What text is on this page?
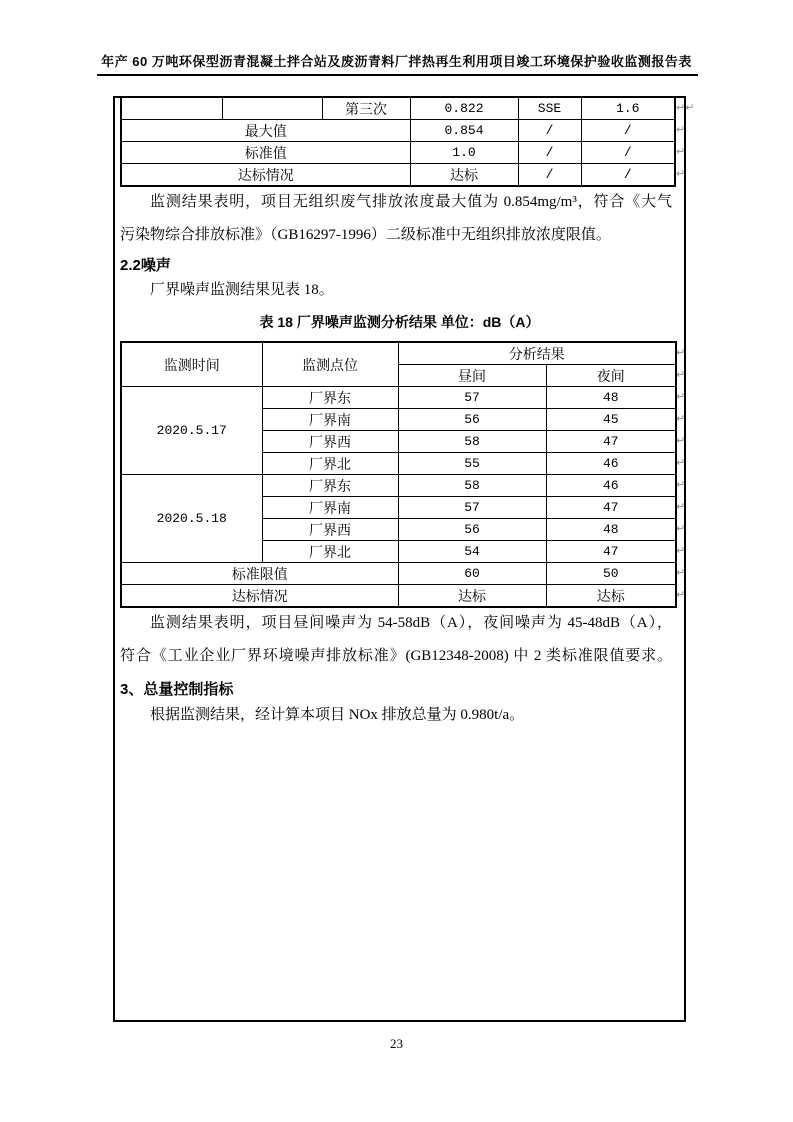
年产 60 万吨环保型沥青混凝土拌合站及废沥青料厂拌热再生利用项目竣工环境保护验收监测报告表
		第三次	0.822	SSE	1.6
最大值			0.854	/	/
标准值			1.0	/	/
达标情况			达标	/	/
↵↵
↵
↵
↵
监测结果表明，项目无组织废气排放浓度最大值为 0.854mg/m³，符合《大气
污染物综合排放标准》（GB16297-1996）二级标准中无组织排放浓度限值。
2.2噪声
厂界噪声监测结果见表 18。
表 18 厂界噪声监测分析结果 单位：dB（A）
监测时间	监测点位	分析结果	
		昼间	夜间
2020.5.17	厂界东	57	48
	厂界南	56	45
	厂界西	58	47
	厂界北	55	46
2020.5.18	厂界东	58	46
	厂界南	57	47
	厂界西	56	48
	厂界北	54	47
标准限值		60	50
达标情况		达标	达标
↵
↵
↵
↵
↵
↵
↵
↵
↵
↵
↵
↵
监测结果表明，项目昼间噪声为 54-58dB（A），夜间噪声为 45-48dB（A），
符合《工业企业厂界环境噪声排放标准》(GB12348-2008) 中 2 类标准限值要求。
3、总量控制指标
根据监测结果，经计算本项目 NOx 排放总量为 0.980t/a。
23
